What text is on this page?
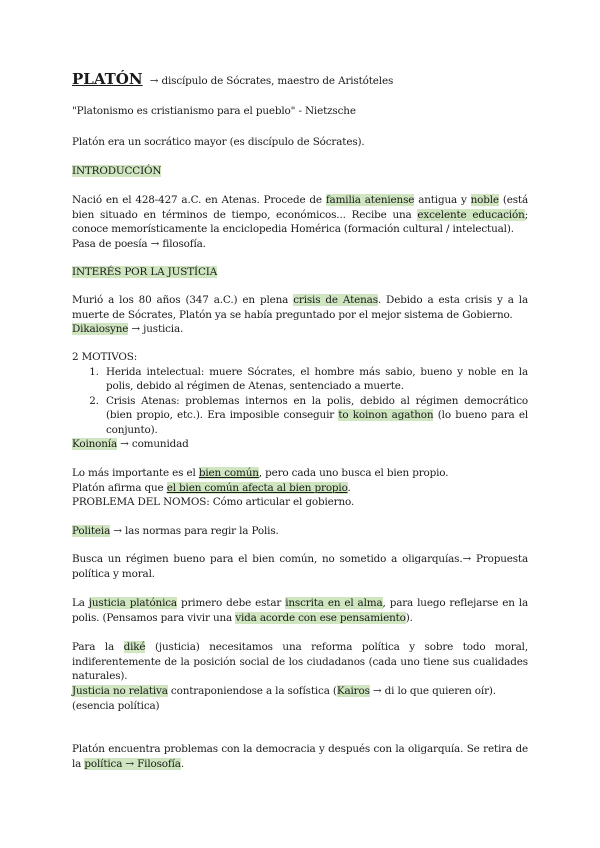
PLATÓN → discípulo de Sócrates, maestro de Aristóteles
"Platonismo es cristianismo para el pueblo" - Nietzsche
Platón era un socrático mayor (es discípulo de Sócrates).
INTRODUCCIÓN
Nació en el 428-427 a.C. en Atenas. Procede de familia ateniense antigua y noble (está bien situado en términos de tiempo, económicos... Recibe una excelente educación; conoce memorísticamente la enciclopedia Homérica (formación cultural / intelectual).
Pasa de poesía → filosofía.
INTERÉS POR LA JUSTÍCIA
Murió a los 80 años (347 a.C.) en plena crisis de Atenas. Debido a esta crisis y a la muerte de Sócrates, Platón ya se había preguntado por el mejor sistema de Gobierno.
Dikaiosyne → justicia.
2 MOTIVOS:
1. Herida intelectual: muere Sócrates, el hombre más sabio, bueno y noble en la polis, debido al régimen de Atenas, sentenciado a muerte.
2. Crisis Atenas: problemas internos en la polis, debido al régimen democrático (bien propio, etc.). Era imposible conseguir to koinon agathon (lo bueno para el conjunto).
Koinonía → comunidad
Lo más importante es el bien común, pero cada uno busca el bien propio.
Platón afirma que el bien común afecta al bien propio.
PROBLEMA DEL NOMOS: Cómo articular el gobierno.
Politeia → las normas para regir la Polis.
Busca un régimen bueno para el bien común, no sometido a oligarquías.→ Propuesta política y moral.
La justicia platónica primero debe estar inscrita en el alma, para luego reflejarse en la polis. (Pensamos para vivir una vida acorde con ese pensamiento).
Para la diké (justicia) necesitamos una reforma política y sobre todo moral, indiferentemente de la posición social de los ciudadanos (cada uno tiene sus cualidades naturales).
Justicia no relativa contraponiendose a la sofística (Kairos → di lo que quieren oír).
(esencia política)
Platón encuentra problemas con la democracia y después con la oligarquía. Se retira de la política → Filosofía.
